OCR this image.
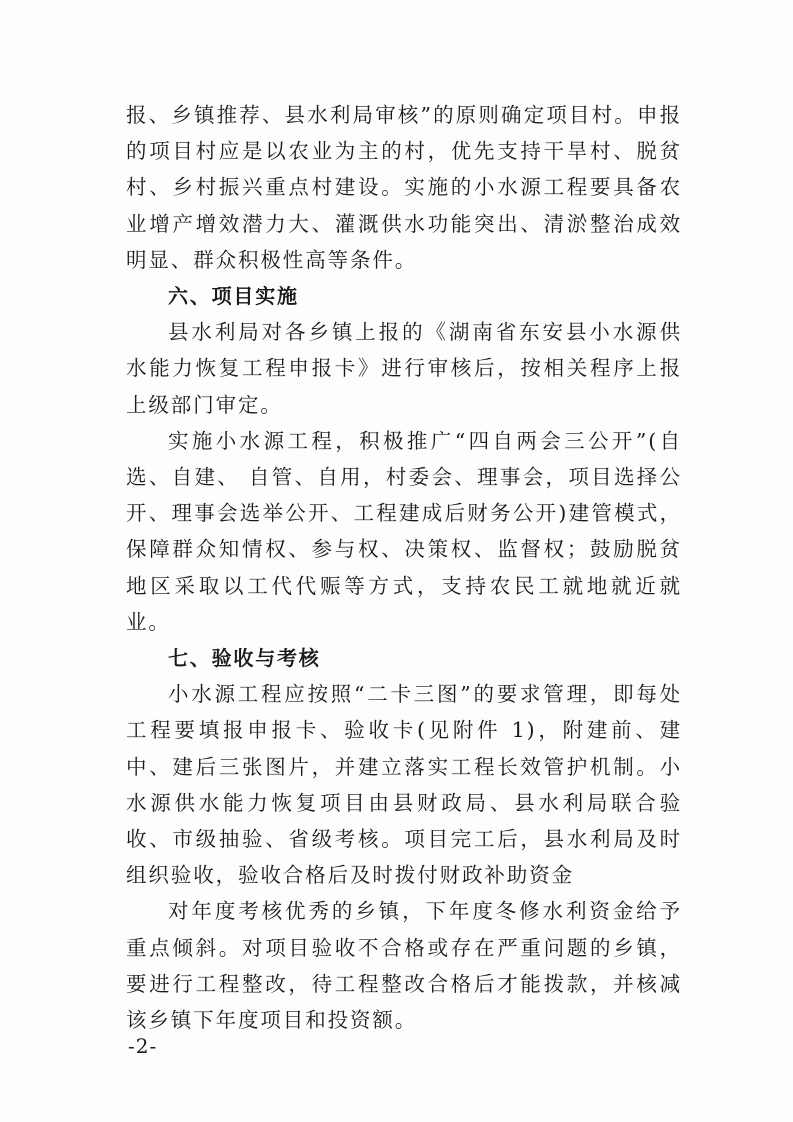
报、乡镇推荐、县水利局审核”的原则确定项目村。申报的项目村应是以农业为主的村，优先支持干旱村、脱贫村、乡村振兴重点村建设。实施的小水源工程要具备农业增产增效潜力大、灌溉供水功能突出、清淤整治成效明显、群众积极性高等条件。

六、项目实施

县水利局对各乡镇上报的《湖南省东安县小水源供水能力恢复工程申报卡》进行审核后，按相关程序上报上级部门审定。

实施小水源工程，积极推广“四自两会三公开”(自选、自建、 自管、自用，村委会、理事会，项目选择公开、理事会选举公开、工程建成后财务公开)建管模式，保障群众知情权、参与权、决策权、监督权；鼓励脱贫地区采取以工代代赈等方式，支持农民工就地就近就业。

七、验收与考核

小水源工程应按照“二卡三图”的要求管理，即每处工程要填报申报卡、验收卡(见附件 1)，附建前、建中、建后三张图片，并建立落实工程长效管护机制。小水源供水能力恢复项目由县财政局、县水利局联合验收、市级抽验、省级考核。项目完工后，县水利局及时组织验收，验收合格后及时拨付财政补助资金

对年度考核优秀的乡镇，下年度冬修水利资金给予重点倾斜。对项目验收不合格或存在严重问题的乡镇，要进行工程整改，待工程整改合格后才能拨款，并核减该乡镇下年度项目和投资额。

-2-
